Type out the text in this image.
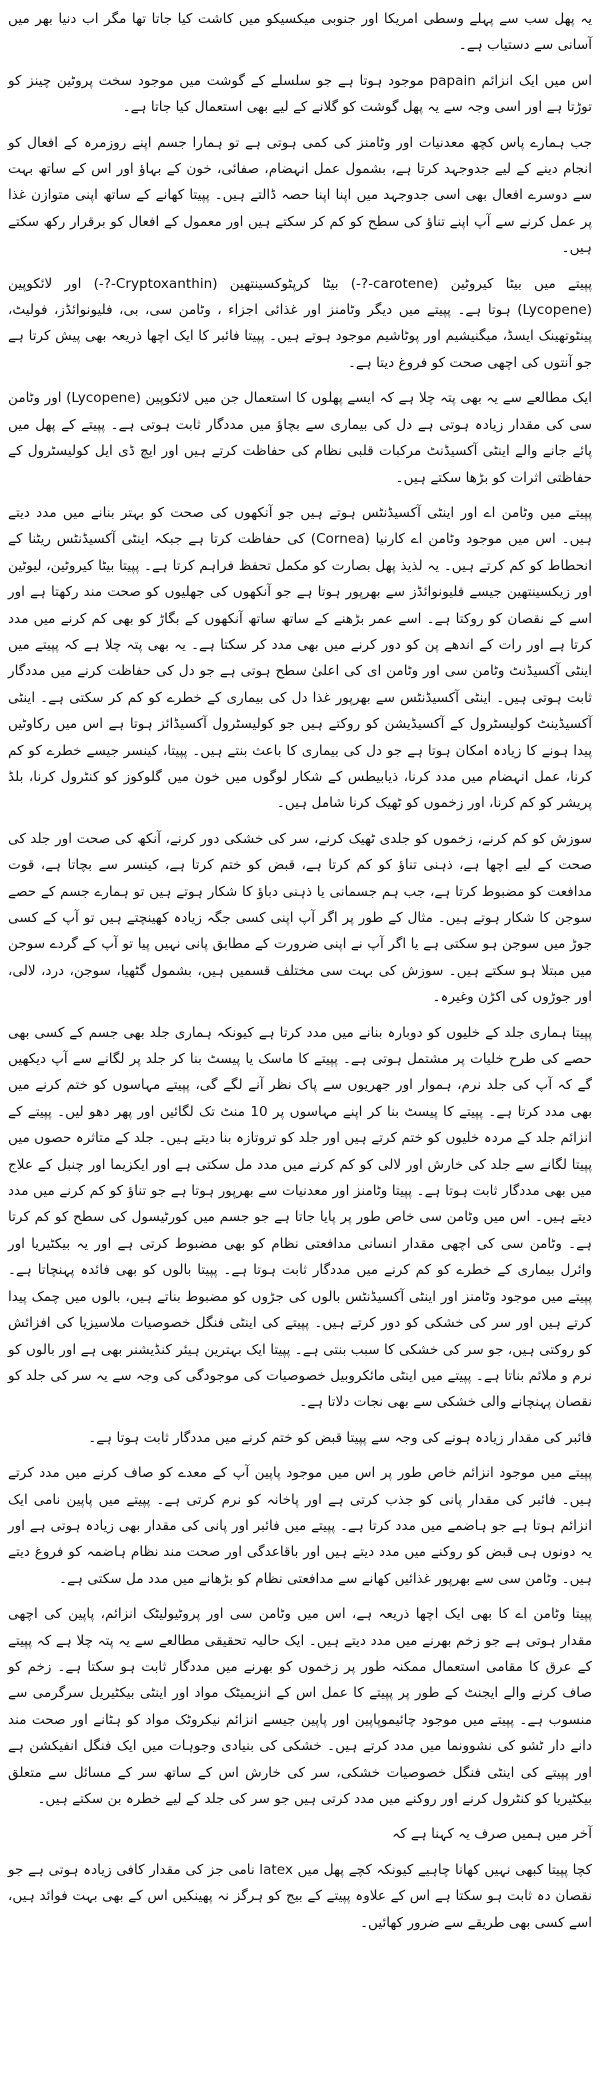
یہ پھل سب سے پہلے وسطی امریکا اور جنوبی میکسیکو میں کاشت کیا جاتا تھا مگر اب دنیا بھر میں آسانی سے دستیاب ہے۔

اس میں ایک انزائم papain موجود ہوتا ہے جو سلسلے کے گوشت میں موجود سخت پروٹین چینز کو توڑتا ہے اور اسی وجہ سے یہ پھل گوشت کو گلانے کے لیے بھی استعمال کیا جاتا ہے۔

جب ہمارے پاس کچھ معدنیات اور وٹامنز کی کمی ہوتی ہے تو ہمارا جسم اپنے روزمرہ کے افعال کو انجام دینے کے لیے جدوجہد کرتا ہے، بشمول عمل انہضام، صفائی، خون کے بہاؤ اور اس کے ساتھ بہت سے دوسرے افعال بھی اسی جدوجہد میں اپنا اپنا حصہ ڈالتے ہیں۔ پپیتا کھانے کے ساتھ اپنی متوازن غذا پر عمل کرنے سے آپ اپنے تناؤ کی سطح کو کم کر سکتے ہیں اور معمول کے افعال کو برقرار رکھ سکتے ہیں۔

پپیتے میں بیٹا کیروٹین (carotene-?-) بیٹا کرپٹوکسینتھین (Cryptoxanthin-?-) اور لائکوپین (Lycopene) ہوتا ہے۔ پپیتے میں دیگر وٹامنز اور غذائی اجزاء ، وٹامن سی، بی، فلیونوائڈز، فولیٹ، پینٹوتھینک ایسڈ، میگنیشیم اور پوٹاشیم موجود ہوتے ہیں۔ پپیتا فائبر کا ایک اچھا ذریعہ بھی پیش کرتا ہے جو آنتوں کی اچھی صحت کو فروغ دیتا ہے۔

ایک مطالعے سے یہ بھی پتہ چلا ہے کہ ایسے پھلوں کا استعمال جن میں لائکوپین (Lycopene) اور وٹامن سی کی مقدار زیادہ ہوتی ہے دل کی بیماری سے بچاؤ میں مددگار ثابت ہوتی ہے۔ پپیتے کے پھل میں پائے جانے والے اینٹی آکسیڈنٹ مرکبات قلبی نظام کی حفاظت کرتے ہیں اور ایچ ڈی ایل کولیسٹرول کے حفاظتی اثرات کو بڑھا سکتے ہیں۔

پپیتے میں وٹامن اے اور اینٹی آکسیڈنٹس ہوتے ہیں جو آنکھوں کی صحت کو بہتر بنانے میں مدد دیتے ہیں۔ اس میں موجود وٹامن اے کارنیا (Cornea) کی حفاظت کرتا ہے جبکہ اینٹی آکسیڈنٹس ریٹنا کے انحطاط کو کم کرتے ہیں۔ یہ لذیذ پھل بصارت کو مکمل تحفظ فراہم کرتا ہے۔ پپیتا بیٹا کیروٹین، لیوٹین اور زیکسینتھین جیسے فلیونوائڈز سے بھرپور ہوتا ہے جو آنکھوں کی جھلیوں کو صحت مند رکھتا ہے اور اسے کے نقصان کو روکتا ہے۔ اسے عمر بڑھنے کے ساتھ ساتھ آنکھوں کے بگاڑ کو بھی کم کرنے میں مدد کرتا ہے اور رات کے اندھے پن کو دور کرنے میں بھی مدد کر سکتا ہے۔ یہ بھی پتہ چلا ہے کہ پپیتے میں اینٹی آکسیڈنٹ وٹامن سی اور وٹامن ای کی اعلیٰ سطح ہوتی ہے جو دل کی حفاظت کرنے میں مددگار ثابت ہوتی ہیں۔ اینٹی آکسیڈنٹس سے بھرپور غذا دل کی بیماری کے خطرے کو کم کر سکتی ہے۔ اینٹی آکسیڈینٹ کولیسٹرول کے آکسیڈیشن کو روکتے ہیں جو کولیسٹرول آکسیڈائز ہوتا ہے اس میں رکاوٹیں پیدا ہونے کا زیادہ امکان ہوتا ہے جو دل کی بیماری کا باعث بنتے ہیں۔ پپیتا، کینسر جیسے خطرے کو کم کرنا، عمل انہضام میں مدد کرنا، ذیابیطس کے شکار لوگوں میں خون میں گلوکوز کو کنٹرول کرنا، بلڈ پریشر کو کم کرنا، اور زخموں کو ٹھیک کرنا شامل ہیں۔

سوزش کو کم کرنے، زخموں کو جلدی ٹھیک کرنے، سر کی خشکی دور کرنے، آنکھ کی صحت اور جلد کی صحت کے لیے اچھا ہے، ذہنی تناؤ کو کم کرتا ہے، قبض کو ختم کرتا ہے، کینسر سے بچاتا ہے، قوت مدافعت کو مضبوط کرتا ہے، جب ہم جسمانی یا ذہنی دباؤ کا شکار ہوتے ہیں تو ہمارے جسم کے حصے سوجن کا شکار ہوتے ہیں۔ مثال کے طور پر اگر آپ اپنی کسی جگہ زیادہ کھینچتے ہیں تو آپ کے کسی جوڑ میں سوجن ہو سکتی ہے یا اگر آپ نے اپنی ضرورت کے مطابق پانی نہیں پیا تو آپ کے گردے سوجن میں مبتلا ہو سکتے ہیں۔ سوزش کی بہت سی مختلف قسمیں ہیں، بشمول گٹھیا، سوجن، درد، لالی، اور جوڑوں کی اکڑن وغیرہ۔

پپیتا ہماری جلد کے خلیوں کو دوبارہ بنانے میں مدد کرتا ہے کیونکہ ہماری جلد بھی جسم کے کسی بھی حصے کی طرح خلیات پر مشتمل ہوتی ہے۔ پپیتے کا ماسک یا پیسٹ بنا کر جلد پر لگانے سے آپ دیکھیں گے کہ آپ کی جلد نرم، ہموار اور جھریوں سے پاک نظر آنے لگے گی، پپیتے مہاسوں کو ختم کرنے میں بھی مدد کرتا ہے۔ پپیتے کا پیسٹ بنا کر اپنے مہاسوں پر 10 منٹ تک لگائیں اور پھر دھو لیں۔ پپیتے کے انزائم جلد کے مردہ خلیوں کو ختم کرتے ہیں اور جلد کو تروتازہ بنا دیتے ہیں۔ جلد کے متاثرہ حصوں میں پپیتا لگانے سے جلد کی خارش اور لالی کو کم کرنے میں مدد مل سکتی ہے اور ایکزیما اور چنبل کے علاج میں بھی مددگار ثابت ہوتا ہے۔ پپیتا وٹامنز اور معدنیات سے بھرپور ہوتا ہے جو تناؤ کو کم کرنے میں مدد دیتے ہیں۔ اس میں وٹامن سی خاص طور پر پایا جاتا ہے جو جسم میں کورٹیسول کی سطح کو کم کرتا ہے۔ وٹامن سی کی اچھی مقدار انسانی مدافعتی نظام کو بھی مضبوط کرتی ہے اور یہ بیکٹیریا اور وائرل بیماری کے خطرے کو کم کرنے میں مددگار ثابت ہوتا ہے۔ پپیتا بالوں کو بھی فائدہ پہنچاتا ہے۔ پپیتے میں موجود وٹامنز اور اینٹی آکسیڈنٹس بالوں کی جڑوں کو مضبوط بناتے ہیں، بالوں میں چمک پیدا کرتے ہیں اور سر کی خشکی کو دور کرتے ہیں۔ پپیتے کی اینٹی فنگل خصوصیات ملاسیزیا کی افزائش کو روکتی ہیں، جو سر کی خشکی کا سبب بنتی ہے۔ پپیتا ایک بہترین ہیئر کنڈیشنر بھی ہے اور بالوں کو نرم و ملائم بناتا ہے۔ پپیتے میں اینٹی مائکروبیل خصوصیات کی موجودگی کی وجہ سے یہ سر کی جلد کو نقصان پہنچانے والی خشکی سے بھی نجات دلاتا ہے۔

فائبر کی مقدار زیادہ ہونے کی وجہ سے پپیتا قبض کو ختم کرنے میں مددگار ثابت ہوتا ہے۔

پپیتے میں موجود انزائم خاص طور پر اس میں موجود پاپین آپ کے معدے کو صاف کرنے میں مدد کرتے ہیں۔ فائبر کی مقدار پانی کو جذب کرتی ہے اور پاخانہ کو نرم کرتی ہے۔ پپیتے میں پاپین نامی ایک انزائم ہوتا ہے جو ہاضمے میں مدد کرتا ہے۔ پپیتے میں فائبر اور پانی کی مقدار بھی زیادہ ہوتی ہے اور یہ دونوں ہی قبض کو روکنے میں مدد دیتے ہیں اور باقاعدگی اور صحت مند نظام ہاضمہ کو فروغ دیتے ہیں۔ وٹامن سی سے بھرپور غذائیں کھانے سے مدافعتی نظام کو بڑھانے میں مدد مل سکتی ہے۔

پپیتا وٹامن اے کا بھی ایک اچھا ذریعہ ہے، اس میں وٹامن سی اور پروٹیولیٹک انزائم، پاپین کی اچھی مقدار ہوتی ہے جو زخم بھرنے میں مدد دیتے ہیں۔ ایک حالیہ تحقیقی مطالعے سے یہ پتہ چلا ہے کہ پپیتے کے عرق کا مقامی استعمال ممکنہ طور پر زخموں کو بھرنے میں مددگار ثابت ہو سکتا ہے۔ زخم کو صاف کرنے والے ایجنٹ کے طور پر پپیتے کا عمل اس کے انزیمیٹک مواد اور اینٹی بیکٹیریل سرگرمی سے منسوب ہے۔ پپیتے میں موجود چائیموپاپین اور پاپین جیسے انزائم نیکروٹک مواد کو ہٹانے اور صحت مند دانے دار ٹشو کی نشوونما میں مدد کرتے ہیں۔ خشکی کی بنیادی وجوہات میں ایک فنگل انفیکشن ہے اور پپیتے کی اینٹی فنگل خصوصیات خشکی، سر کی خارش اس کے ساتھ سر کے مسائل سے متعلق بیکٹیریا کو کنٹرول کرنے اور روکنے میں مدد کرتی ہیں جو سر کی جلد کے لیے خطرہ بن سکتے ہیں۔

آخر میں ہمیں صرف یہ کہنا ہے کہ

کچا پپیتا کبھی نہیں کھانا چاہیے کیونکہ کچے پھل میں latex نامی جز کی مقدار کافی زیادہ ہوتی ہے جو نقصان دہ ثابت ہو سکتا ہے اس کے علاوہ پپیتے کے بیج کو ہرگز نہ پھینکیں اس کے بھی بہت فوائد ہیں، اسے کسی بھی طریقے سے ضرور کھائیں۔
